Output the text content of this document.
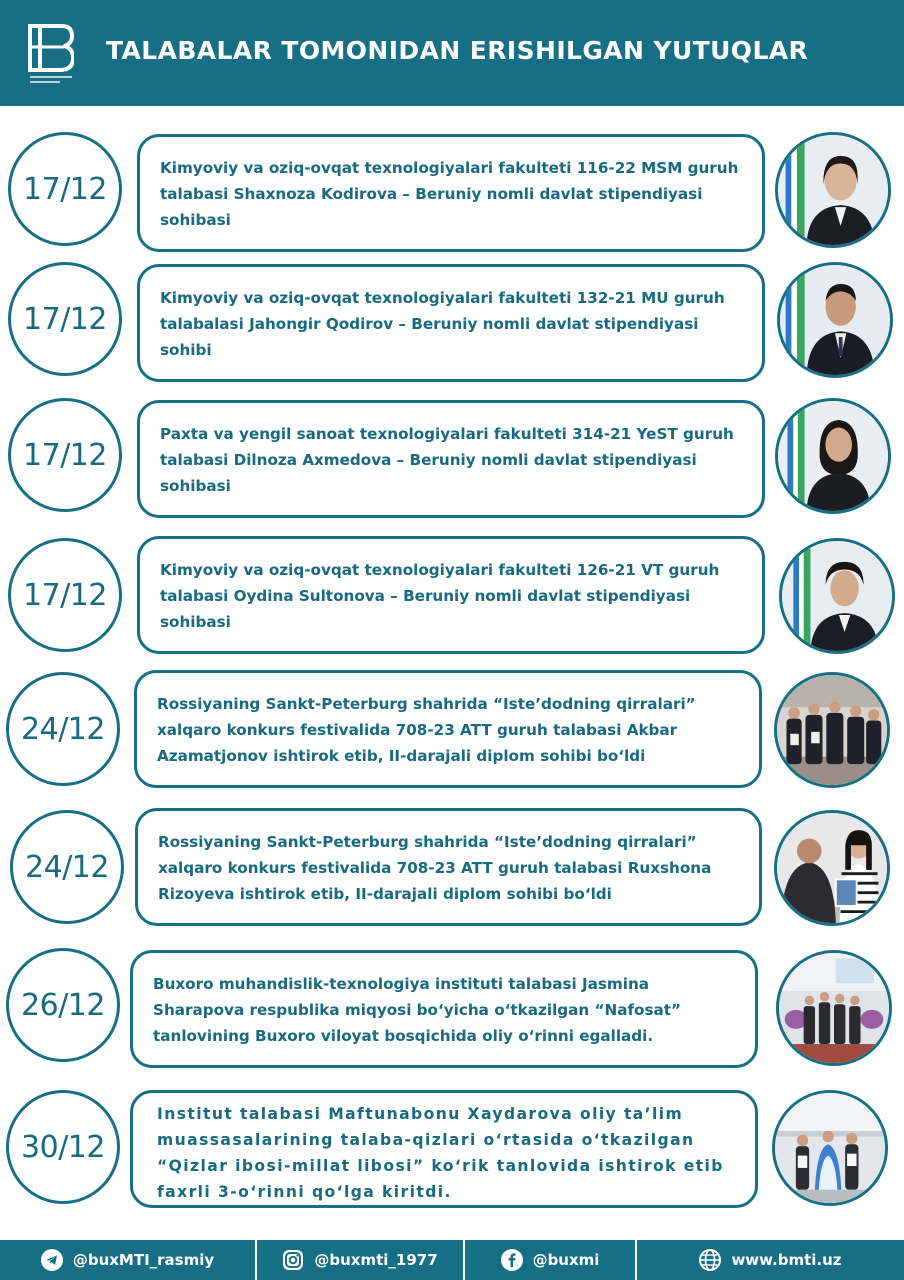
TALABALAR TOMONIDAN ERISHILGAN YUTUQLAR
17/12
Kimyoviy va oziq-ovqat texnologiyalari fakulteti 116-22 MSM guruh talabasi Shaxnoza Kodirova – Beruniy nomli davlat stipendiyasi sohibasi
17/12
Kimyoviy va oziq-ovqat texnologiyalari fakulteti 132-21 MU guruh talabalasi Jahongir Qodirov – Beruniy nomli davlat stipendiyasi sohibi
17/12
Paxta va yengil sanoat texnologiyalari fakulteti 314-21 YeST guruh talabasi Dilnoza Axmedova – Beruniy nomli davlat stipendiyasi sohibasi
17/12
Kimyoviy va oziq-ovqat texnologiyalari fakulteti 126-21 VT guruh talabasi Oydina Sultonova – Beruniy nomli davlat stipendiyasi sohibasi
24/12
Rossiyaning Sankt-Peterburg shahrida “Iste’dodning qirralari” xalqaro konkurs festivalida 708-23 ATT guruh talabasi Akbar Azamatjonov ishtirok etib, II-darajali diplom sohibi bo‘ldi
24/12
Rossiyaning Sankt-Peterburg shahrida “Iste’dodning qirralari” xalqaro konkurs festivalida 708-23 ATT guruh talabasi Ruxshona Rizoyeva ishtirok etib, II-darajali diplom sohibi bo‘ldi
26/12
Buxoro muhandislik-texnologiya instituti talabasi Jasmina Sharapova respublika miqyosi bo‘yicha o‘tkazilgan “Nafosat” tanlovining Buxoro viloyat bosqichida oliy o‘rinni egalladi.
30/12
Institut talabasi Maftunabonu Xaydarova oliy ta’lim muassasalarining talaba-qizlari o‘rtasida o‘tkazilgan “Qizlar ibosi-millat libosi” ko‘rik tanlovida ishtirok etib faxrli 3-o‘rinni qo‘lga kiritdi.
@buxMTI_rasmiy	@buxmti_1977	@buxmi	www.bmti.uz
